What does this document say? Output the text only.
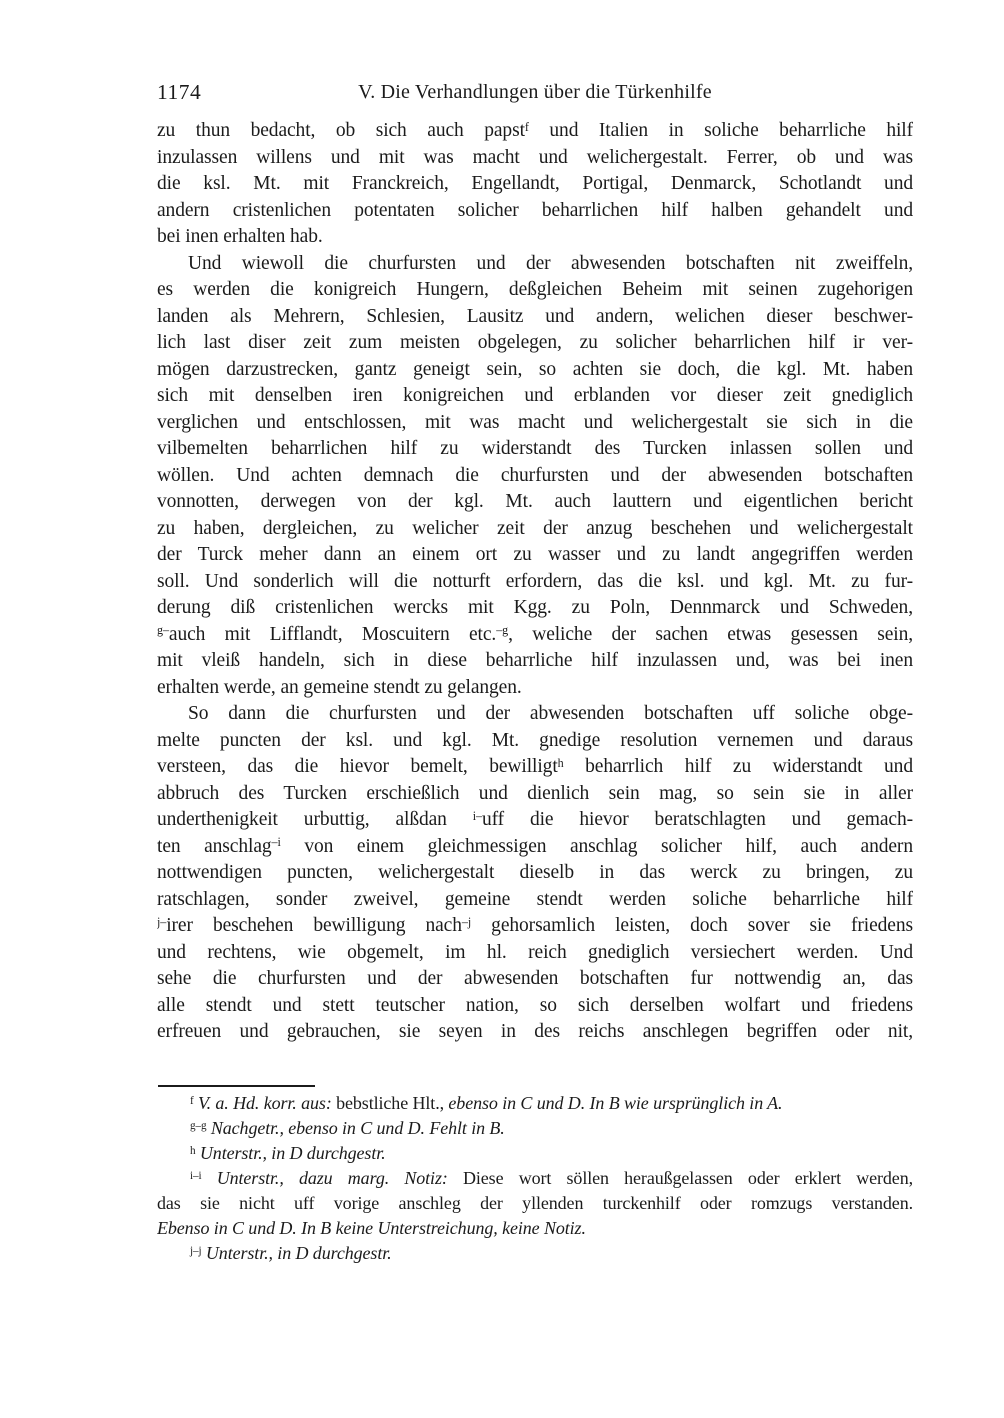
1174	V. Die Verhandlungen über die Türkenhilfe
zu thun bedacht, ob sich auch papst$^f$ und Italien in soliche beharrliche hilf
inzulassen willens und mit was macht und welichergestalt. Ferrer, ob und was
die ksl. Mt. mit Franckreich, Engellandt, Portigal, Denmarck, Schotlandt und
andern cristenlichen potentaten solicher beharrlichen hilf halben gehandelt und
bei inen erhalten hab.
Und wiewoll die churfursten und der abwesenden botschaften nit zweiffeln,
es werden die konigreich Hungern, deßgleichen Beheim mit seinen zugehorigen
landen als Mehrern, Schlesien, Lausitz und andern, welichen dieser beschwer-
lich last diser zeit zum meisten obgelegen, zu solicher beharrlichen hilf ir ver-
mögen darzustrecken, gantz geneigt sein, so achten sie doch, die kgl. Mt. haben
sich mit denselben iren konigreichen und erblanden vor dieser zeit gnediglich
verglichen und entschlossen, mit was macht und welichergestalt sie sich in die
vilbemelten beharrlichen hilf zu widerstandt des Turcken inlassen sollen und
wöllen. Und achten demnach die churfursten und der abwesenden botschaften
vonnotten, derwegen von der kgl. Mt. auch lauttern und eigentlichen bericht
zu haben, dergleichen, zu welicher zeit der anzug beschehen und welichergestalt
der Turck meher dann an einem ort zu wasser und zu landt angegriffen werden
soll. Und sonderlich will die notturft erfordern, das die ksl. und kgl. Mt. zu fur-
derung diß cristenlichen wercks mit Kgg. zu Poln, Dennmarck und Schweden,
$^{g-}$auch mit Lifflandt, Moscuitern etc.$^{-g}$, weliche der sachen etwas gesessen sein,
mit vleiß handeln, sich in diese beharrliche hilf inzulassen und, was bei inen
erhalten werde, an gemeine stendt zu gelangen.
So dann die churfursten und der abwesenden botschaften uff soliche obge-
melte puncten der ksl. und kgl. Mt. gnedige resolution vernemen und daraus
versteen, das die hievor bemelt, bewilligt$^h$ beharrlich hilf zu widerstandt und
abbruch des Turcken erschießlich und dienlich sein mag, so sein sie in aller
underthenigkeit urbuttig, alßdan $^{i-}$uff die hievor beratschlagten und gemach-
ten anschlag$^{-i}$ von einem gleichmessigen anschlag solicher hilf, auch andern
nottwendigen puncten, welichergestalt dieselb in das werck zu bringen, zu
ratschlagen, sonder zweivel, gemeine stendt werden soliche beharrliche hilf
$^{j-}$irer beschehen bewilligung nach$^{-j}$ gehorsamlich leisten, doch sover sie friedens
und rechtens, wie obgemelt, im hl. reich gnediglich versiechert werden. Und
sehe die churfursten und der abwesenden botschaften fur nottwendig an, das
alle stendt und stett teutscher nation, so sich derselben wolfart und friedens
erfreuen und gebrauchen, sie seyen in des reichs anschlegen begriffen oder nit,
$^f$ V. a. Hd. korr. aus: bebstliche Hlt., ebenso in C und D. In B wie ursprünglich in A.
$^{g-g}$ Nachgetr., ebenso in C und D. Fehlt in B.
$^h$ Unterstr., in D durchgestr.
$^{i-i}$ Unterstr., dazu marg. Notiz: Diese wort söllen heraußgelassen oder erklert werden,
das sie nicht uff vorige anschleg der yllenden turckenhilf oder romzugs verstanden.
Ebenso in C und D. In B keine Unterstreichung, keine Notiz.
$^{j-j}$ Unterstr., in D durchgestr.
